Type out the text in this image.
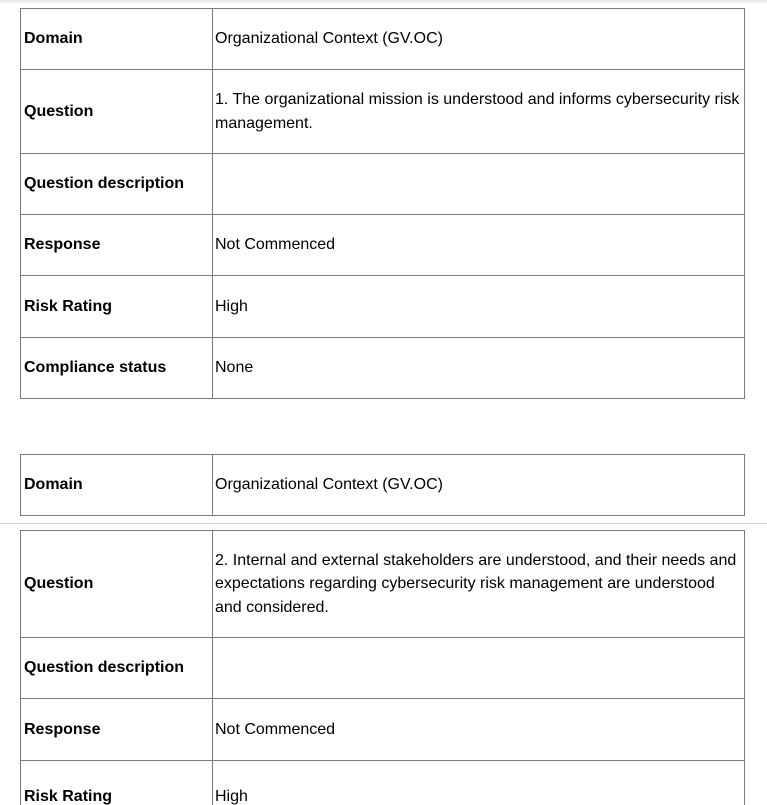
Domain	Organizational Context (GV.OC)
Question	1. The organizational mission is understood and informs cybersecurity risk management.
Question description	
Response	Not Commenced
Risk Rating	High
Compliance status	None
Domain	Organizational Context (GV.OC)
Question	2. Internal and external stakeholders are understood, and their needs and expectations regarding cybersecurity risk management are understood and considered.
Question description	
Response	Not Commenced
Risk Rating	High
